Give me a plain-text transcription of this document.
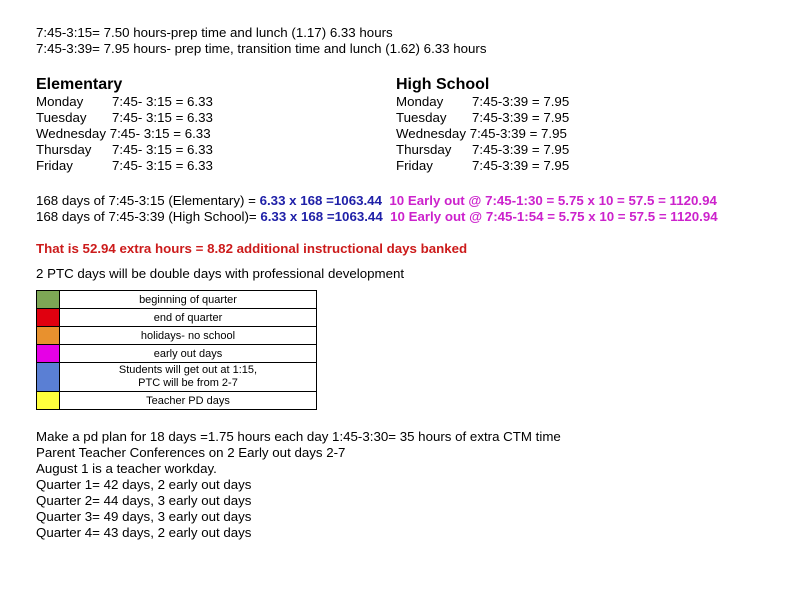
7:45-3:15= 7.50 hours-prep time and lunch (1.17) 6.33 hours
7:45-3:39= 7.95 hours- prep time, transition time and lunch (1.62) 6.33 hours
Elementary
Monday 7:45- 3:15 = 6.33
Tuesday 7:45- 3:15 = 6.33
Wednesday 7:45- 3:15 = 6.33
Thursday 7:45- 3:15 = 6.33
Friday	7:45- 3:15 = 6.33
High School
Monday 7:45-3:39 = 7.95
Tuesday 7:45-3:39 = 7.95
Wednesday 7:45-3:39 = 7.95
Thursday 7:45-3:39 = 7.95
Friday	7:45-3:39 = 7.95
168 days of 7:45-3:15 (Elementary) = 6.33 x 168 =1063.44 10 Early out @ 7:45-1:30 = 5.75 x 10 = 57.5 = 1120.94
168 days of 7:45-3:39 (High School)= 6.33 x 168 =1063.44 10 Early out @ 7:45-1:54 = 5.75 x 10 = 57.5 = 1120.94
That is 52.94 extra hours = 8.82 additional instructional days banked
2 PTC days will be double days with professional development
	beginning of quarter
	end of quarter
	holidays- no school
	early out days

	Students will get out at 1:15,
PTC will be from 2-7

	Teacher PD days
Make a pd plan for 18 days =1.75 hours each day 1:45-3:30= 35 hours of extra CTM time
Parent Teacher Conferences on 2 Early out days 2-7
August 1 is a teacher workday.
Quarter 1= 42 days, 2 early out days
Quarter 2= 44 days, 3 early out days
Quarter 3= 49 days, 3 early out days
Quarter 4= 43 days, 2 early out days
